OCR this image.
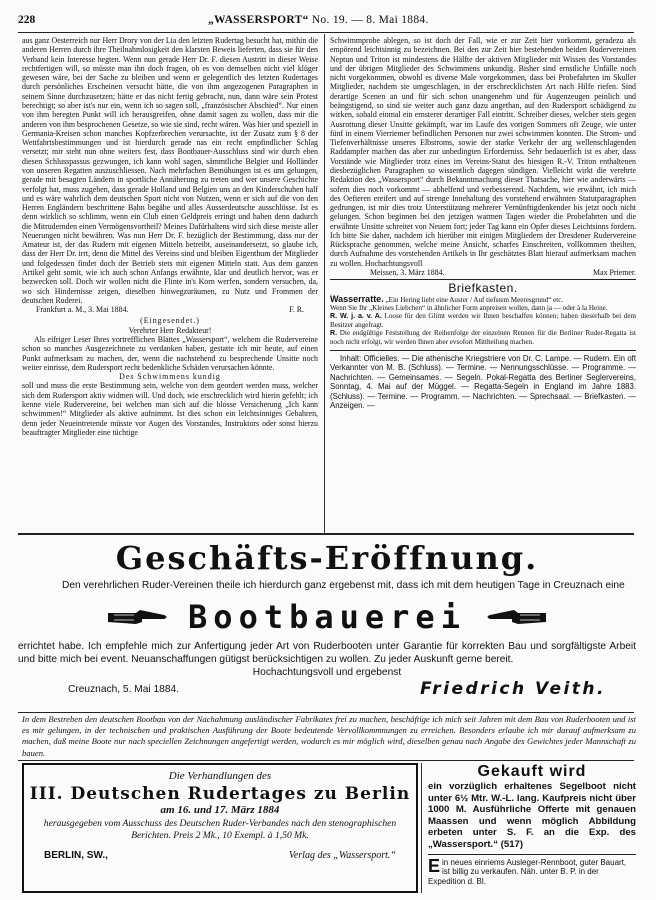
228	„WASSERSPORT“ No. 19. — 8. Mai 1884.

aus ganz Oesterreich nur Herr Drory von der Lia den letzten Rudertag besucht hat, mithin die anderen Herren durch ihre Theilnahmlosigkeit den klarsten Beweis lieferten, dass sie für den Verband kein Interesse hegten. Wenn nun gerade Herr Dr. F. diesen Austritt in dieser Weise rechtfertigen will, so müsste man ihn doch fragen, ob es von demselben nicht viel klüger gewesen wäre, bei der Sache zu bleiben und wenn er gelegentlich des letzten Rudertages durch persönliches Erscheinen versucht hätte, die von ihm angezogenen Paragraphen in seinem Sinne durchzusetzen; hätte er das nicht fertig gebracht, nun, dann wäre sein Protest berechtigt; so aber ist's nur ein, wenn ich so sagen soll, „französischer Abschied“. Nur einen von ihm beregten Punkt will ich herausgreifen, ohne damit sagen zu wollen, dass mir die anderen von ihm besprochenen Gesetze, so wie sie sind, recht wären. Was hier und speziell in Germania-Kreisen schon manches Kopfzerbrechen verursachte, ist der Zusatz zum § 8 der Wettfahrtsbestimmungen und ist hierdurch gerade nas ein recht empfindlicher Schlag versetzt; mir steht nun ohne weiters fest, dass Bootbauer-Ausschluss sind wir durch eben diesen Schlusspassus gezwungen, ich kann wohl sagen, sämmtliche Belgier und Holländer von unseren Regatten auszuschliessen. Nach mehrfachen Bemühungen ist es uns gelungen, gerade mit besagten Ländern in sportliche Annäherung zu treten und wer unsere Geschichte verfolgt hat, muss zugeben, dass gerade Holland und Belgien uns an den Kinderschuhen half und es wäre wahrlich dem deutschen Sport nicht von Nutzen, wenn er sich auf die von den Herren Engländern beschrittene Bahn begäbe und alles Ausserdeutsche ausschlösse. Ist es denn wirklich so schlimm, wenn ein Club einen Geldpreis erringt und haben denn dadurch die Mitrudernden einen Vermögensvortheil? Meines Dafürhaltens wird sich diese meiste aller Neuerungen nicht bewähren. Was nun Herr Dr. F. bezüglich der Bestimmung, dass nur der Amateur ist, der das Rudern mit eigenen Mitteln betreibt, auseinandersetzt, so glaube ich, dass der Herr Dr. irrt, denn die Mittel des Vereins sind und bleiben Eigenthum der Mitglieder und folgedessen findet doch der Betrieb stets mit eigenen Mitteln statt. Aus dem ganzen Artikel geht somit, wie ich auch schon Anfangs erwähnte, klar und deutlich hervor, was er bezwecken soll. Doch wir wollen nicht die Flinte in's Korn werfen, sondern versuchen, da, wo sich Hindernisse zeigen, dieselben hinwegzuräumen, zu Nutz und Frommen der deutschen Ruderei.

Frankfurt a. M., 3. Mai 1884.	F. R.

(Eingesendet.)

Verehrter Herr Redakteur!

Als eifriger Leser Ihres vortrefflichen Blattes „Wassersport“, welchem die Rudervereine schon so manches Ausgezeichnete zu verdanken haben, gestatte ich mir heute, auf einen Punkt aufmerksam zu machen, der, wenn die nachstehend zu besprechende Unsitte noch weiter einrisse, dem Rudersport recht bedenkliche Schäden verursachen könnte.

Des Schwimmens kundig

soll und muss die erste Bestimmung sein, welche von dem geordert werden muss, welcher sich dem Rudersport aktiv widmen will. Und doch, wie erschrecklich wird hierin gefehlt; ich kenne viele Rudervereine, bei welchen man sich auf die blosse Versicherung „Ich kann schwimmen!“ Mitglieder als aktive aufnimmt. Ist dies schon ein leichtsinniges Gebahren, denn jeder Neueintretende müsste vor Augen des Vorstandes, Instruktors oder sonst hierzu beauftragter Mitglieder eine tüchtige

Schwimmprobe ablegen, so ist doch der Fall, wie er zur Zeit hier vorkommt, geradezu als empörend leichtsinnig zu bezeichnen. Bei den zur Zeit hier bestehenden beiden Rudervereinen Neptun und Triton ist mindestens die Hälfte der aktiven Mitglieder mit Wissen des Vorstandes und der übrigen Mitglieder des Schwimmens unkundig. Bisher sind ernstliche Unfälle noch nicht vorgekommen, obwohl es diverse Male vorgekommen, dass bei Probefahrten im Skuller Mitglieder, nachdem sie umgeschlagen, in der erschrecklichsten Art nach Hilfe riefen. Sind derartige Scenen an und für sich schon unangenehm und für Augenzeugen peinlich und beängstigend, so sind sie weiter auch ganz dazu angethan, auf den Rudersport schädigend zu wirken, sobald einmal ein ernsterer derartiger Fall eintritt. Schreiber dieses, welcher stets gegen Ausrottung dieser Unsitte gekämpft, war im Laufe des vorigen Sommers oft Zeuge, wie unter fünf in einem Vierriemer befindlichen Personen nur zwei schwimmen konnten. Die Strom- und Tiefenverhältnisse unseres Elbstroms, sowie der starke Verkehr der arg wellenschlagenden Raddampfer machen das aber zur unbedingten Erforderniss. Sehr bedauerlich ist es aber, dass Vorstände wie Mitglieder trotz eines im Vereins-Statut des hiesigen R.-V. Triton enthaltenen diesbezüglichen Paragraphen so wissentlich dagegen sündigen. Vielleicht wirkt die verehrte Redaktion des „Wassersport“ durch Bekanntmachung dieser Thatsache, hier wie anderwärts — sofern dies noch vorkommt — abhelfend und verbesserend. Nachdem, wie erwähnt, ich mich des Oefteren ereifert und auf strenge Innehaltung des vorstehend erwähnten Statutparagraphen gedrungen, ist mir dies trotz Unterstützung mehrerer Vernünftigdenkender bis jetzt noch nicht gelungen. Schon beginnen bei den jetzigen warmen Tagen wieder die Probefahrten und die erwähnte Unsitte schreitet von Neuem fort; jeder Tag kann ein Opfer dieses Leichtsinns fordern. Ich bitte Sie daher, nachdem ich hierüber mit einigen Mitgliedern der Dresdener Rudervereine Rücksprache genommen, welche meine Ansicht, scharfes Einschreiten, vollkommen theilten, durch Aufnahme des vorstehenden Artikels in Ihr geschätztes Blatt hierauf aufmerksam machen zu wollen. Hochachtungsvoll

Meissen, 3. März 1884.	Max Priemer.
Briefkasten.
Wasserratte. „Ein Hering liebt eine Auster / Auf tiefstem Meeresgrund“ etc.
Wenn Sie Ihr „Kleines Liebchen“ in ähnlicher Form anpreisen wollen, dann ja — oder à la Heine.
R. W. j. a. v. A. Loose für den Glimt werden wir Ihnen beschaffen können; haben dieserhalb bei dem Besitzer angefragt.
R. Die endgültige Feststellung der Reihenfolge der einzelnen Rennen für die Berliner Ruder-Regatta ist noch nicht erfolgt, wir werden Ihnen aber evsofort Mittheilung machen.
Inhalt: Officielles. — Die athenische Kriegstriere von Dr. C. Lampe. — Rudern. Ein oft Verkannter von M. B. (Schluss). — Termine. — Nennungsschlüsse. — Programme. — Nachrichten. — Gemeinsames. — Segeln. Pokal-Regatta des Berliner Seglervereins, Sonntag, 4. Mai auf der Müggel. — Regatta-Segeln in England im Jahre 1883. (Schluss). — Termine. — Programm. — Nachrichten. — Sprechsaal. — Briefkasten. — Anzeigen. —
Geschäfts-Eröffnung.
Den verehrlichen Ruder-Vereinen theile ich hierdurch ganz ergebenst mit, dass ich mit dem heutigen Tage in Creuznach eine
Bootbauerei
errichtet habe. Ich empfehle mich zur Anfertigung jeder Art von Ruderbooten unter Garantie für korrekten Bau und sorgfältigste Arbeit und bitte mich bei event. Neuanschaffungen gütigst berücksichtigen zu wollen. Zu jeder Auskunft gerne bereit.
Hochachtungsvoll und ergebenst
Creuznach, 5. Mai 1884.	Friedrich Veith.
In dem Bestreben den deutschen Bootbau von der Nachahmung ausländischer Fabrikates frei zu machen, beschäftige ich mich seit Jahren mit dem Bau von Ruderbooten und ist es mir gelungen, in der technischen und praktischen Ausführung der Boote bedeutende Vervollkommnungen zu erreichen. Besonders erlaube ich mir darauf aufmerksam zu machen, daß meine Boote nur nach speciellen Zeichnungen angefertigt werden, wodurch es mir möglich wird, dieselben genau nach Angabe des Gewichtes jeder Mannschaft zu bauen.
Die Verhandlungen des
III. Deutschen Rudertages zu Berlin
am 16. und 17. März 1884
herausgegeben vom Ausschuss des Deutschen Ruder-Verbandes nach den stenographischen Berichten. Preis 2 Mk., 10 Exempl. à 1,50 Mk.
BERLIN, SW.,	Verlag des „Wassersport.“
Gekauft wird
ein vorzüglich erhaltenes Segelboot nicht unter 6½ Mtr. W.-L. lang. Kaufpreis nicht über 1000 M. Ausführliche Offerte mit genauen Maassen und wenn möglich Abbildung erbeten unter S. F. an die Exp. des „Wassersport.“ (517)
E in neues einriems Ausleger-Rennboot, guter Bauart, ist billig zu verkaufen. Näh. unter B. P. in der Expedition d. Bl.
